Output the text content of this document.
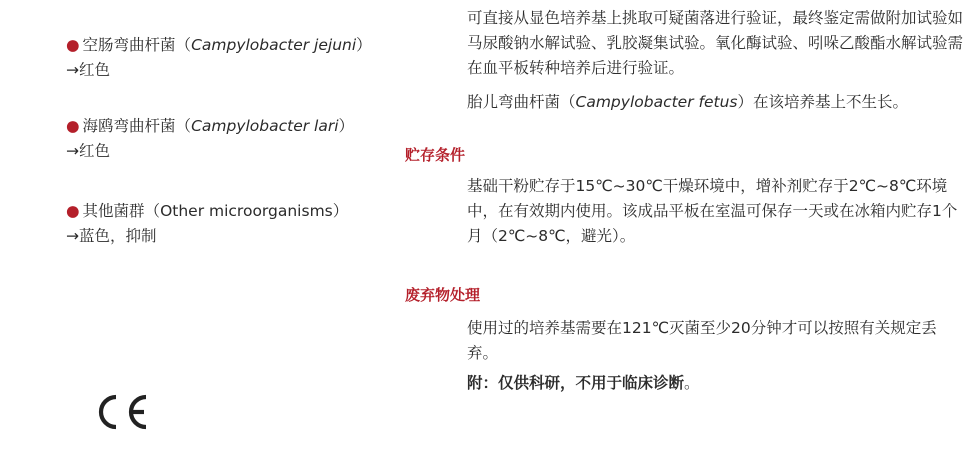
● 空肠弯曲杆菌（Campylobacter jejuni）
→红色
● 海鸥弯曲杆菌（Campylobacter lari）
→红色
● 其他菌群（Other microorganisms）
→蓝色，抑制

可直接从显色培养基上挑取可疑菌落进行验证，最终鉴定需做附加试验如马尿酸钠水解试验、乳胶凝集试验。氧化酶试验、吲哚乙酸酯水解试验需在血平板转种培养后进行验证。

胎儿弯曲杆菌（Campylobacter fetus）在该培养基上不生长。

贮存条件

基础干粉贮存于15℃~30℃干燥环境中，增补剂贮存于2℃~8℃环境中，在有效期内使用。该成品平板在室温可保存一天或在冰箱内贮存1个月（2℃~8℃，避光）。

废弃物处理

使用过的培养基需要在121℃灭菌至少20分钟才可以按照有关规定丢弃。

附：仅供科研，不用于临床诊断。
